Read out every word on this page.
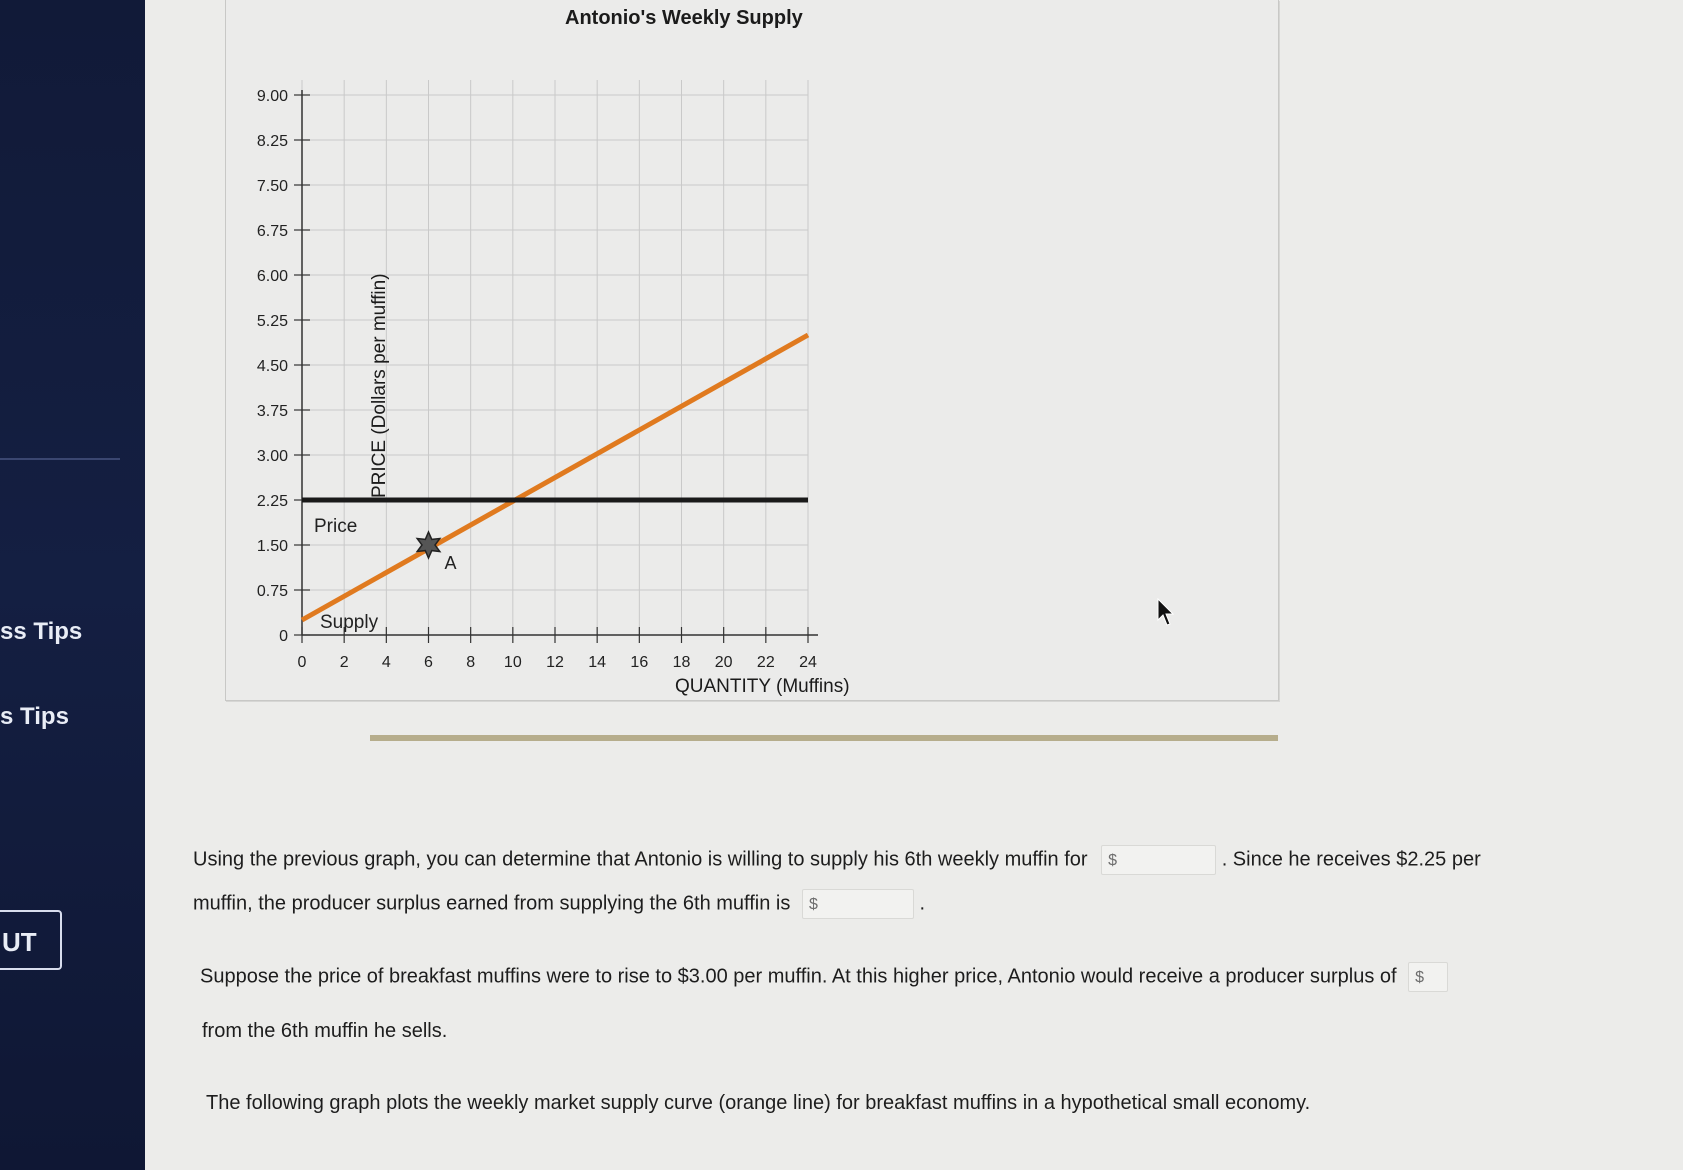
ss Tips
s Tips
UT
Antonio's Weekly Supply
0
0.75
1.50
2.25
3.00
3.75
4.50
5.25
6.00
6.75
7.50
8.25
9.00
0 2 4 6 8 10 12 14 16 18 20 22 24
Supply
Price
A
QUANTITY (Muffins)
PRICE (Dollars per muffin)
Using the previous graph, you can determine that Antonio is willing to supply his 6th weekly muffin for $	. Since he receives $2.25 per
muffin, the producer surplus earned from supplying the 6th muffin is $	.
Suppose the price of breakfast muffins were to rise to $3.00 per muffin. At this higher price, Antonio would receive a producer surplus of $
from the 6th muffin he sells.
The following graph plots the weekly market supply curve (orange line) for breakfast muffins in a hypothetical small economy.
